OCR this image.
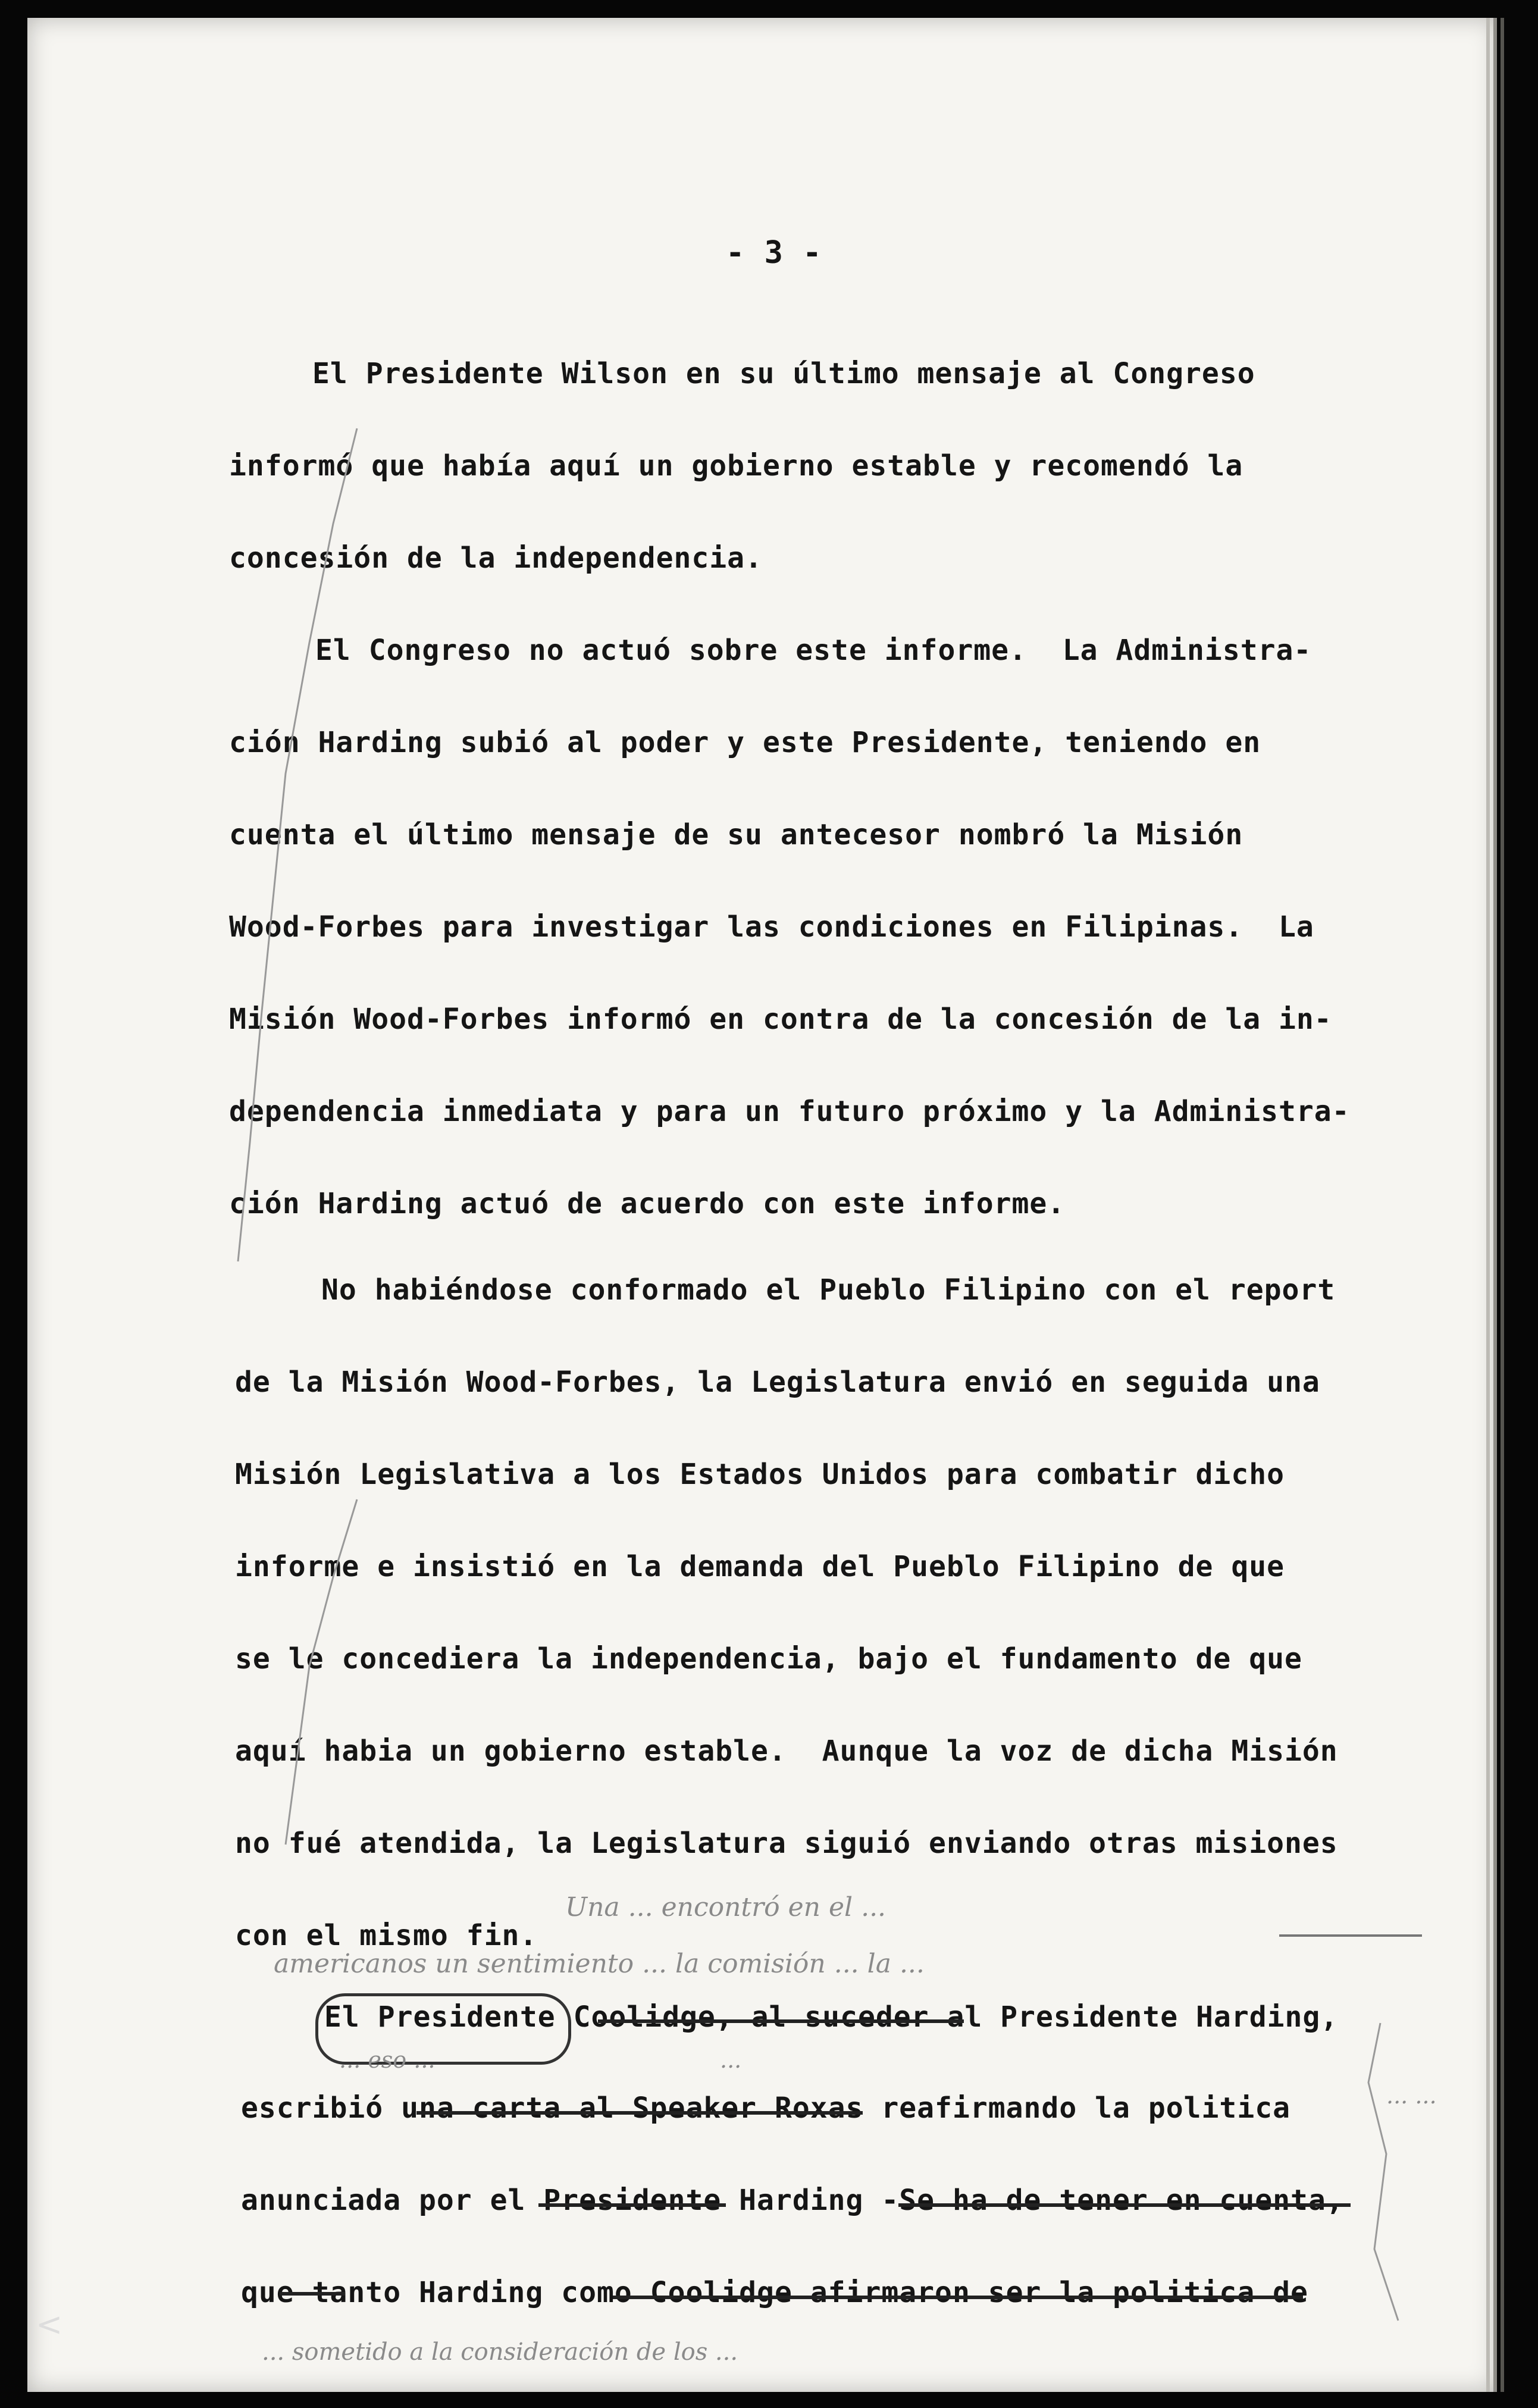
- 3 -
El Presidente Wilson en su último mensaje al Congreso
informó que había aquí un gobierno estable y recomendó la
concesión de la independencia.
El Congreso no actuó sobre este informe.  La Administra-
ción Harding subió al poder y este Presidente, teniendo en
cuenta el último mensaje de su antecesor nombró la Misión
Wood-Forbes para investigar las condiciones en Filipinas.  La
Misión Wood-Forbes informó en contra de la concesión de la in-
dependencia inmediata y para un futuro próximo y la Administra-
ción Harding actuó de acuerdo con este informe.
No habiéndose conformado el Pueblo Filipino con el report
de la Misión Wood-Forbes, la Legislatura envió en seguida una
Misión Legislativa a los Estados Unidos para combatir dicho
informe e insistió en la demanda del Pueblo Filipino de que
se le concediera la independencia, bajo el fundamento de que
aquí habia un gobierno estable.  Aunque la voz de dicha Misión
no fué atendida, la Legislatura siguió enviando otras misiones
con el mismo fin.
El Presidente Coolidge, al suceder al Presidente Harding,
escribió una carta al Speaker Roxas reafirmando la politica
anunciada por el Presidente Harding -Se ha de tener en cuenta,
que tanto Harding como Coolidge afirmaron ser la politica de
Una ... encontró en el ...
americanos un sentimiento ... la comisión ... la ...
... eso ...	...
... sometido a la consideración de los ...
... ...
<
